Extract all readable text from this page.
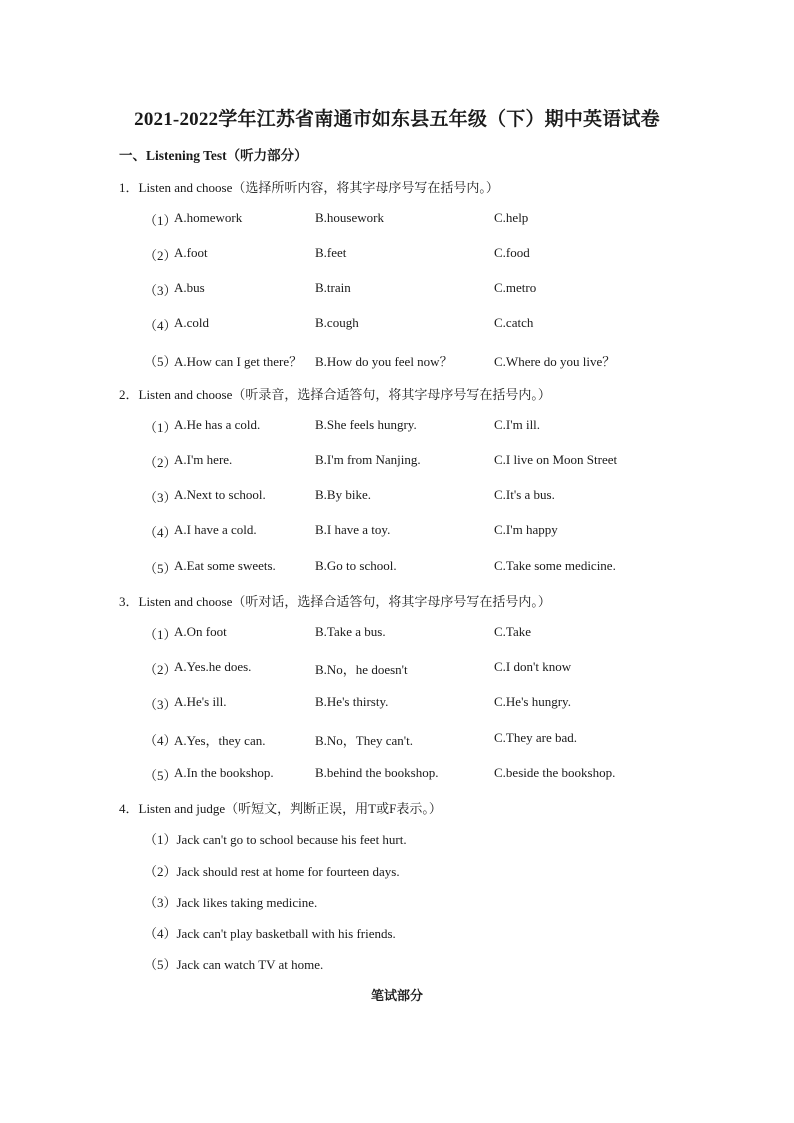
2021-2022学年江苏省南通市如东县五年级（下）期中英语试卷
一、Listening Test（听力部分）
1．Listen and choose（选择所听内容，将其字母序号写在括号内。）
（1）
A.homework	B.housework	C.help
（2）
A.foot	B.feet	C.food
（3）
A.bus	B.train	C.metro
（4）
A.cold	B.cough	C.catch
（5）
A.How can I get there？ B.How do you feel now？	C.Where do you live？
2．Listen and choose（听录音，选择合适答句，将其字母序号写在括号内。）
（1）
A.He has a cold.	B.She feels hungry.	C.I'm ill.
（2）
A.I'm here.	B.I'm from Nanjing.	C.I live on Moon Street
（3）
A.Next to school.	B.By bike.	C.It's a bus.
（4）
A.I have a cold.	B.I have a toy.	C.I'm happy
（5）
A.Eat some sweets.	B.Go to school.	C.Take some medicine.
3．Listen and choose（听对话，选择合适答句，将其字母序号写在括号内。）
（1）
A.On foot	B.Take a bus.	C.Take
（2）
A.Yes.he does.	B.No，he doesn't	C.I don't know
（3）
A.He's ill.	B.He's thirsty.	C.He's hungry.
（4）
A.Yes，they can.	B.No，They can't.	C.They are bad.
（5）
A.In the bookshop.	B.behind the bookshop.	C.beside the bookshop.
4．Listen and judge（听短文，判断正误，用T或F表示。）
（1）Jack can't go to school because his feet hurt.
（2）Jack should rest at home for fourteen days.
（3）Jack likes taking medicine.
（4）Jack can't play basketball with his friends.
（5）Jack can watch TV at home.
笔试部分
